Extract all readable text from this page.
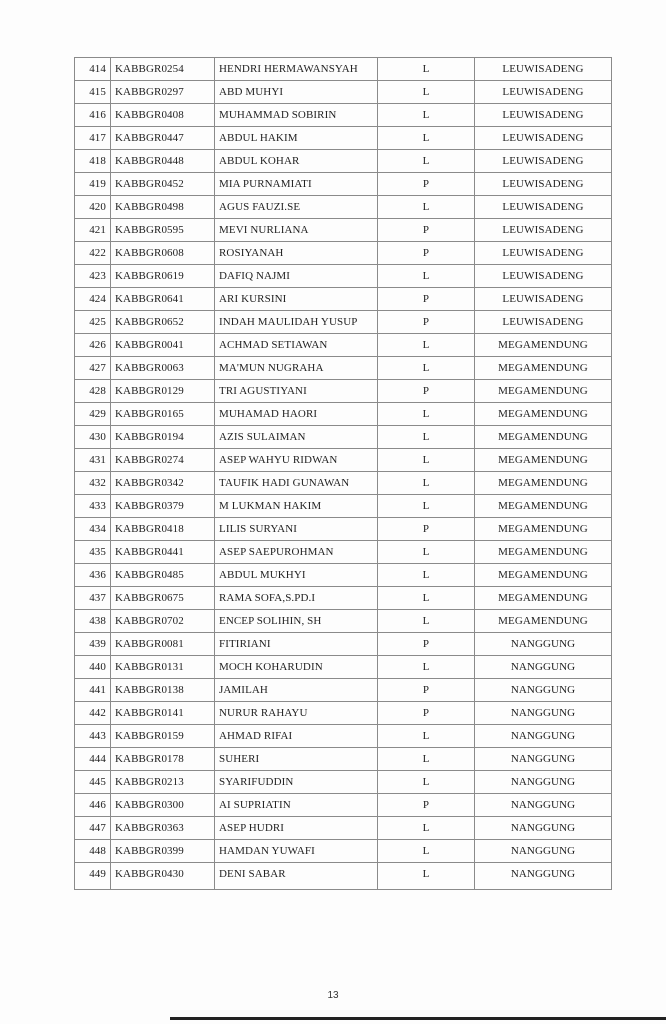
414	KABBGR0254	HENDRI HERMAWANSYAH	L	LEUWISADENG
415	KABBGR0297	ABD MUHYI	L	LEUWISADENG
416	KABBGR0408	MUHAMMAD SOBIRIN	L	LEUWISADENG
417	KABBGR0447	ABDUL HAKIM	L	LEUWISADENG
418	KABBGR0448	ABDUL KOHAR	L	LEUWISADENG
419	KABBGR0452	MIA PURNAMIATI	P	LEUWISADENG
420	KABBGR0498	AGUS FAUZI.SE	L	LEUWISADENG
421	KABBGR0595	MEVI NURLIANA	P	LEUWISADENG
422	KABBGR0608	ROSIYANAH	P	LEUWISADENG
423	KABBGR0619	DAFIQ NAJMI	L	LEUWISADENG
424	KABBGR0641	ARI KURSINI	P	LEUWISADENG
425	KABBGR0652	INDAH MAULIDAH YUSUP	P	LEUWISADENG
426	KABBGR0041	ACHMAD SETIAWAN	L	MEGAMENDUNG
427	KABBGR0063	MA'MUN NUGRAHA	L	MEGAMENDUNG
428	KABBGR0129	TRI AGUSTIYANI	P	MEGAMENDUNG
429	KABBGR0165	MUHAMAD HAORI	L	MEGAMENDUNG
430	KABBGR0194	AZIS SULAIMAN	L	MEGAMENDUNG
431	KABBGR0274	ASEP WAHYU RIDWAN	L	MEGAMENDUNG
432	KABBGR0342	TAUFIK HADI GUNAWAN	L	MEGAMENDUNG
433	KABBGR0379	M LUKMAN HAKIM	L	MEGAMENDUNG
434	KABBGR0418	LILIS SURYANI	P	MEGAMENDUNG
435	KABBGR0441	ASEP SAEPUROHMAN	L	MEGAMENDUNG
436	KABBGR0485	ABDUL MUKHYI	L	MEGAMENDUNG
437	KABBGR0675	RAMA SOFA,S.PD.I	L	MEGAMENDUNG
438	KABBGR0702	ENCEP SOLIHIN, SH	L	MEGAMENDUNG
439	KABBGR0081	FITIRIANI	P	NANGGUNG
440	KABBGR0131	MOCH KOHARUDIN	L	NANGGUNG
441	KABBGR0138	JAMILAH	P	NANGGUNG
442	KABBGR0141	NURUR RAHAYU	P	NANGGUNG
443	KABBGR0159	AHMAD RIFAI	L	NANGGUNG
444	KABBGR0178	SUHERI	L	NANGGUNG
445	KABBGR0213	SYARIFUDDIN	L	NANGGUNG
446	KABBGR0300	AI SUPRIATIN	P	NANGGUNG
447	KABBGR0363	ASEP HUDRI	L	NANGGUNG
448	KABBGR0399	HAMDAN YUWAFI	L	NANGGUNG
449	KABBGR0430	DENI SABAR	L	NANGGUNG
13
